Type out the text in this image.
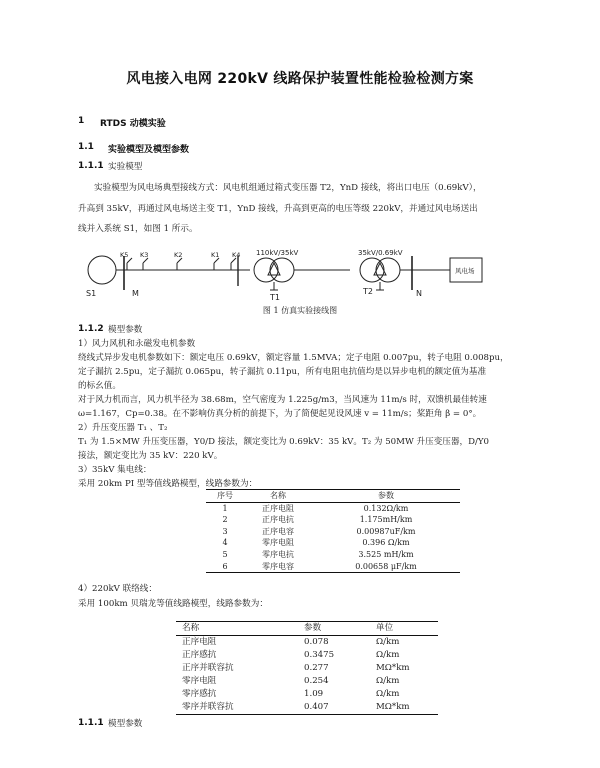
风电接入电网 220kV 线路保护装置性能检验检测方案
1 RTDS 动模实验
1.1 实验模型及模型参数
1.1.1 实验模型
实验模型为风电场典型接线方式：风电机组通过箱式变压器 T2，YnD 接线，将出口电压（0.69kV），
升高到 35kV，再通过风电场送主变 T1，YnD 接线，升高到更高的电压等级 220kV，并通过风电场送出
线并入系统 S1，如图 1 所示。
S1	M	N
K5 K3	K2	K1 K4 110kV/35kV	35kV/0.69kV
T1
T2
风电场
图 1 仿真实验接线图
1.1.2 模型参数
1）风力风机和永磁发电机参数
绕线式异步发电机参数如下：额定电压 0.69kV，额定容量 1.5MVA；定子电阻 0.007pu，转子电阻 0.008pu，
定子漏抗 2.5pu，定子漏抗 0.065pu，转子漏抗 0.11pu，所有电阻电抗值均是以异步电机的额定值为基准
的标幺值。
对于风力机而言，风力机半径为 38.68m，空气密度为 1.225g/m3，当风速为 11m/s 时，双馈机最佳转速
ω=1.167，Cp=0.38。在不影响仿真分析的前提下，为了简便起见设风速 v = 11m/s；桨距角 β = 0°。
2）升压变压器 T₁ 、T₂
T₁ 为 1.5×MW 升压变压器，Y0/D 接法，额定变比为 0.69kV：35 kV。T₂ 为 50MW 升压变压器，D/Y0
接法，额定变比为 35 kV：220 kV。
3）35kV 集电线：
采用 20km PI 型等值线路模型，线路参数为：
序号	名称	参数
1	正序电阻	0.132Ω/km
2	正序电抗	1.175mH/km
3	正序电容	0.00987uF/km
4	零序电阻	0.396 Ω/km
5	零序电抗	3.525 mH/km
6	零序电容	0.00658 μF/km
4）220kV 联络线：
采用 100km 贝瑞龙等值线路模型，线路参数为：
名称	参数	单位
正序电阻	0.078	Ω/km
正序感抗	0.3475	Ω/km
正序并联容抗	0.277	MΩ*km
零序电阻	0.254	Ω/km
零序感抗	1.09	Ω/km
零序并联容抗	0.407	MΩ*km
1.1.1 模型参数
